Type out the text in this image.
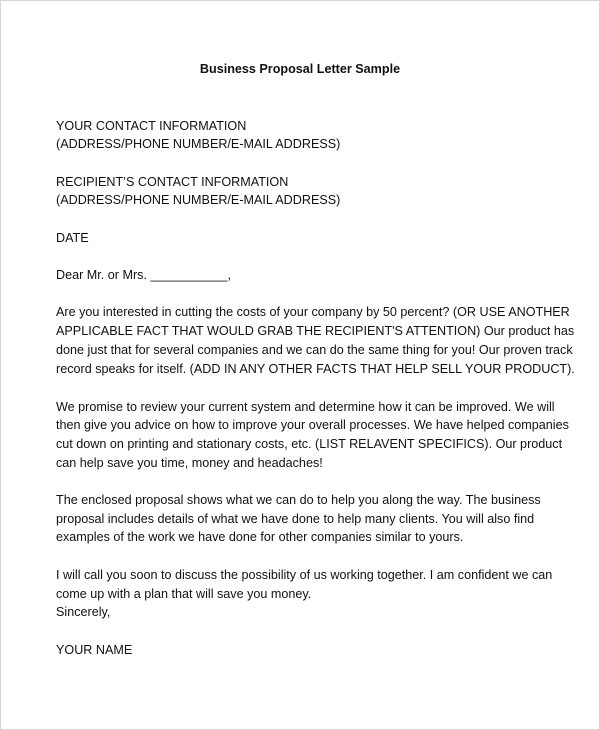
Business Proposal Letter Sample
YOUR CONTACT INFORMATION
(ADDRESS/PHONE NUMBER/E-MAIL ADDRESS)
RECIPIENT’S CONTACT INFORMATION
(ADDRESS/PHONE NUMBER/E-MAIL ADDRESS)
DATE
Dear Mr. or Mrs. ___________,
Are you interested in cutting the costs of your company by 50 percent? (OR USE ANOTHER
APPLICABLE FACT THAT WOULD GRAB THE RECIPIENT'S ATTENTION) Our product has
done just that for several companies and we can do the same thing for you! Our proven track
record speaks for itself. (ADD IN ANY OTHER FACTS THAT HELP SELL YOUR PRODUCT).
We promise to review your current system and determine how it can be improved. We will
then give you advice on how to improve your overall processes. We have helped companies
cut down on printing and stationary costs, etc. (LIST RELAVENT SPECIFICS). Our product
can help save you time, money and headaches!
The enclosed proposal shows what we can do to help you along the way. The business
proposal includes details of what we have done to help many clients. You will also find
examples of the work we have done for other companies similar to yours.
I will call you soon to discuss the possibility of us working together. I am confident we can
come up with a plan that will save you money.
Sincerely,
YOUR NAME
